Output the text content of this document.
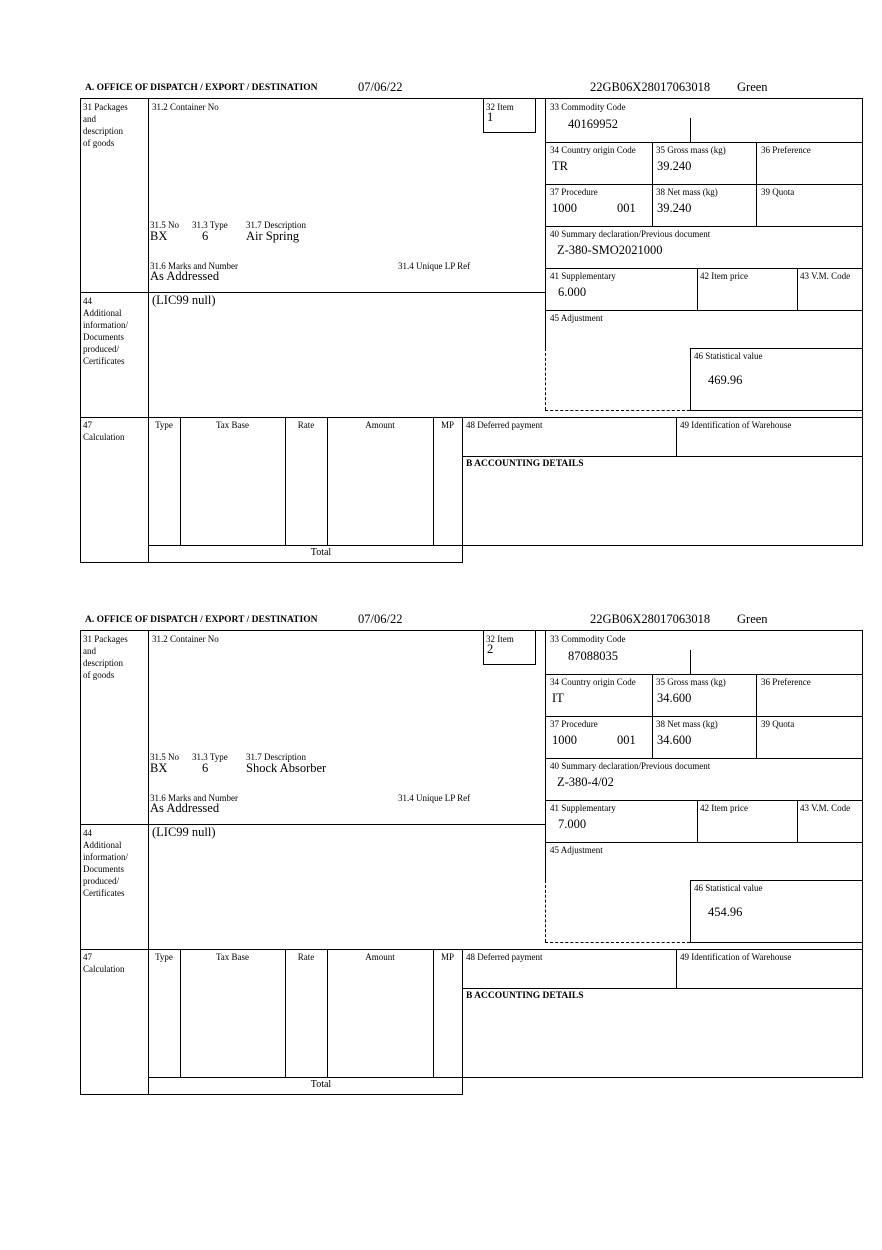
A. OFFICE OF DISPATCH / EXPORT / DESTINATION	07/06/22	22GB06X28017063018 Green
31 Packages
and
description
of goods
44
Additional
information/
Documents
produced/
Certificates
47
Calculation
31.2 Container No	32 Item
1
31.5 No 31.3 Type 31.7 Description
BX	6	Air Spring
31.6 Marks and Number	31.4 Unique LP Ref
As Addressed
(LIC99 null)
33 Commodity Code
40169952
34 Country origin Code
TR
35 Gross mass (kg)
39.240
36 Preference
37 Procedure
1000	001
38 Net mass (kg)
39.240
39 Quota
40 Summary declaration/Previous document
Z-380-SMO2021000
41 Supplementary
6.000
42 Item price	43 V.M. Code
45 Adjustment
46 Statistical value
469.96
Type	Tax Base	Rate	Amount	MP	48 Deferred payment	49 Identification of Warehouse
B ACCOUNTING DETAILS
Total
A. OFFICE OF DISPATCH / EXPORT / DESTINATION	07/06/22	22GB06X28017063018 Green
31 Packages
and
description
of goods
44
Additional
information/
Documents
produced/
Certificates
47
Calculation
31.2 Container No	32 Item
2
31.5 No 31.3 Type 31.7 Description
BX	6	Shock Absorber
31.6 Marks and Number	31.4 Unique LP Ref
As Addressed
(LIC99 null)
33 Commodity Code
87088035
34 Country origin Code
IT
35 Gross mass (kg)
34.600
36 Preference
37 Procedure
1000	001
38 Net mass (kg)
34.600
39 Quota
40 Summary declaration/Previous document
Z-380-4/02
41 Supplementary
7.000
42 Item price	43 V.M. Code
45 Adjustment
46 Statistical value
454.96
Type	Tax Base	Rate	Amount	MP	48 Deferred payment	49 Identification of Warehouse
B ACCOUNTING DETAILS
Total
